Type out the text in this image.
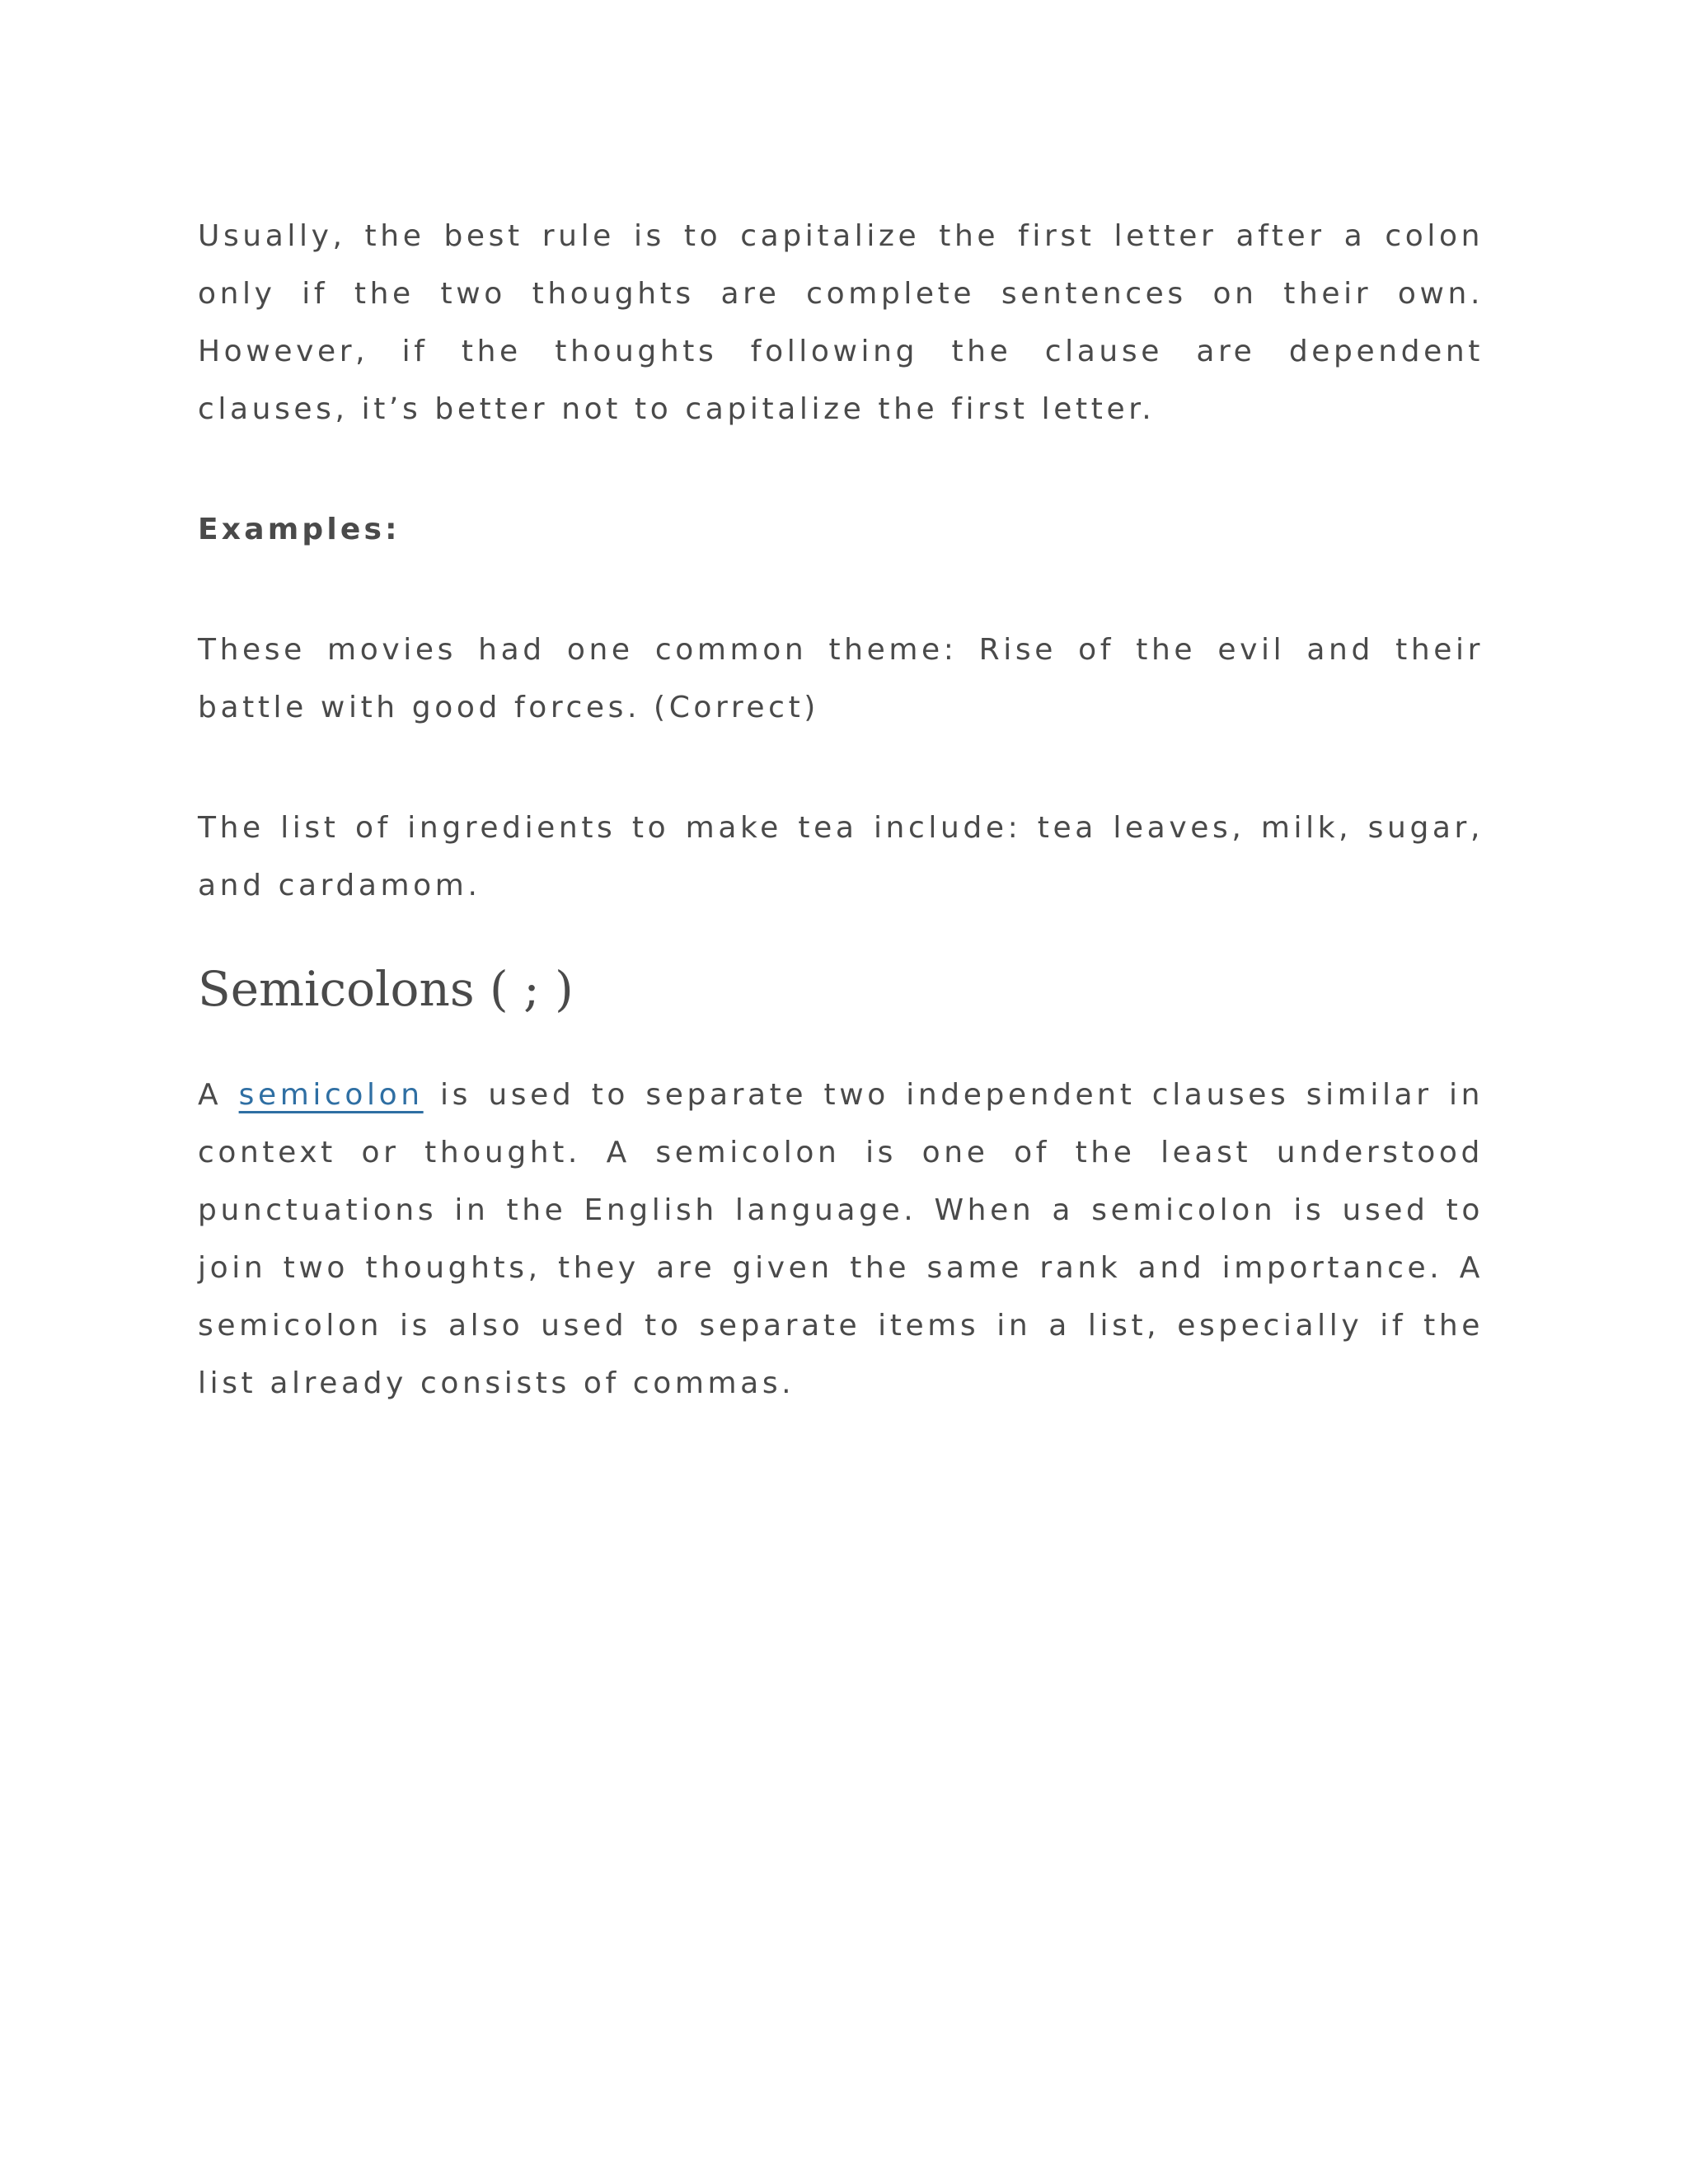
Usually, the best rule is to capitalize the first letter after a colon only if the two thoughts are complete sentences on their own. However, if the thoughts following the clause are dependent clauses, it’s better not to capitalize the first letter.

Examples:

These movies had one common theme: Rise of the evil and their battle with good forces. (Correct)

The list of ingredients to make tea include: tea leaves, milk, sugar, and cardamom.

Semicolons ( ; )

A semicolon is used to separate two independent clauses similar in context or thought. A semicolon is one of the least understood punctuations in the English language. When a semicolon is used to join two thoughts, they are given the same rank and importance. A semicolon is also used to separate items in a list, especially if the list already consists of commas.
